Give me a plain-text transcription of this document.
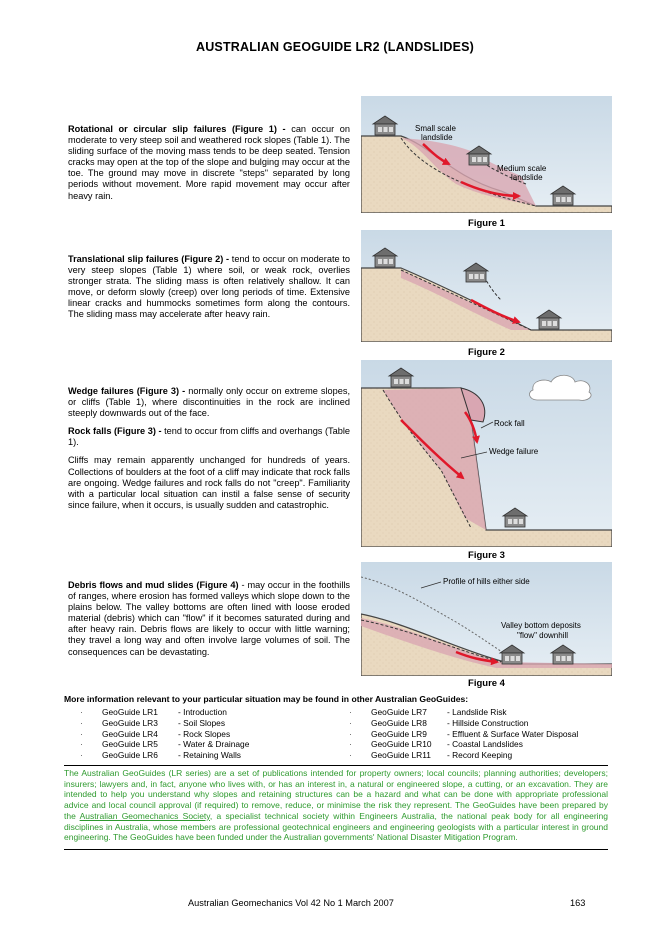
AUSTRALIAN GEOGUIDE LR2 (LANDSLIDES)

Rotational or circular slip failures (Figure 1) - can occur on moderate to very steep soil and weathered rock slopes (Table 1). The sliding surface of the moving mass tends to be deep seated. Tension cracks may open at the top of the slope and bulging may occur at the toe. The ground may move in discrete "steps" separated by long periods without movement. More rapid movement may occur after heavy rain.

Translational slip failures (Figure 2) - tend to occur on moderate to very steep slopes (Table 1) where soil, or weak rock, overlies stronger strata. The sliding mass is often relatively shallow. It can move, or deform slowly (creep) over long periods of time. Extensive linear cracks and hummocks sometimes form along the contours. The sliding mass may accelerate after heavy rain.

Wedge failures (Figure 3) - normally only occur on extreme slopes, or cliffs (Table 1), where discontinuities in the rock are inclined steeply downwards out of the face.

Rock falls (Figure 3) - tend to occur from cliffs and overhangs (Table 1).

Cliffs may remain apparently unchanged for hundreds of years. Collections of boulders at the foot of a cliff may indicate that rock falls are ongoing. Wedge failures and rock falls do not "creep". Familiarity with a particular local situation can instil a false sense of security since failure, when it occurs, is usually sudden and catastrophic.

Debris flows and mud slides (Figure 4) - may occur in the foothills of ranges, where erosion has formed valleys which slope down to the plains below. The valley bottoms are often lined with loose eroded material (debris) which can "flow" if it becomes saturated during and after heavy rain. Debris flows are likely to occur with little warning; they travel a long way and often involve large volumes of soil. The consequences can be devastating.

Small scale
landslide
Medium scale
landslide
Figure 1
Figure 2
Rock fall
Wedge failure
Figure 3
Profile of hills either side
Valley bottom deposits
"flow" downhill
Figure 4
More information relevant to your particular situation may be found in other Australian GeoGuides:
·	GeoGuide LR1	- Introduction
·	GeoGuide LR3	- Soil Slopes
·	GeoGuide LR4	- Rock Slopes
·	GeoGuide LR5	- Water & Drainage
·	GeoGuide LR6	- Retaining Walls
·	GeoGuide LR7	- Landslide Risk
·	GeoGuide LR8	- Hillside Construction
·	GeoGuide LR9	- Effluent & Surface Water Disposal
·	GeoGuide LR10	- Coastal Landslides
·	GeoGuide LR11	- Record Keeping
The Australian GeoGuides (LR series) are a set of publications intended for property owners; local councils; planning authorities; developers; insurers; lawyers and, in fact, anyone who lives with, or has an interest in, a natural or engineered slope, a cutting, or an excavation. They are intended to help you understand why slopes and retaining structures can be a hazard and what can be done with appropriate professional advice and local council approval (if required) to remove, reduce, or minimise the risk they represent. The GeoGuides have been prepared by the Australian Geomechanics Society, a specialist technical society within Engineers Australia, the national peak body for all engineering disciplines in Australia, whose members are professional geotechnical engineers and engineering geologists with a particular interest in ground engineering. The GeoGuides have been funded under the Australian governments' National Disaster Mitigation Program.
Australian Geomechanics Vol 42 No 1 March 2007	163
